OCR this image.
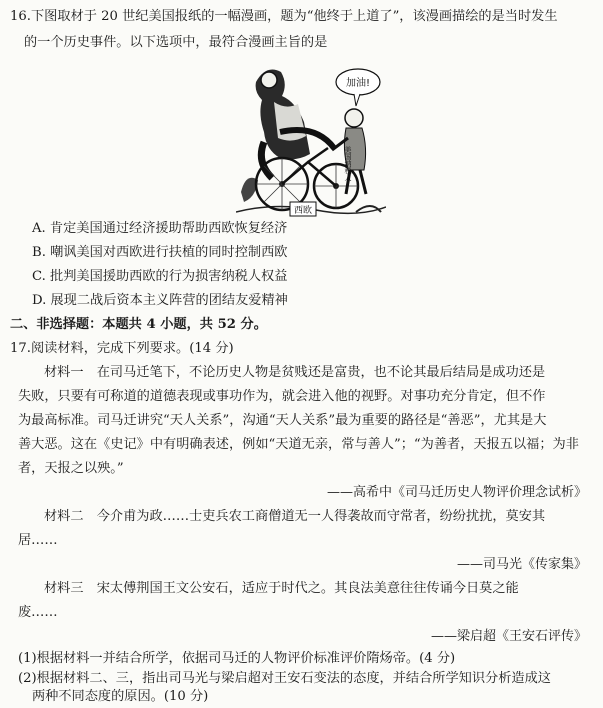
16.下图取材于 20 世纪美国报纸的一幅漫画，题为“他终于上道了”，该漫画描绘的是当时发生
的一个历史事件。以下选项中，最符合漫画主旨的是
加油!
美国纳税人
西欧
A. 肯定美国通过经济援助帮助西欧恢复经济
B. 嘲讽美国对西欧进行扶植的同时控制西欧
C. 批判美国援助西欧的行为损害纳税人权益
D. 展现二战后资本主义阵营的团结友爱精神
二、非选择题：本题共 4 小题，共 52 分。
17.阅读材料，完成下列要求。(14 分)
材料一　在司马迁笔下，不论历史人物是贫贱还是富贵，也不论其最后结局是成功还是
失败，只要有可称道的道德表现或事功作为，就会进入他的视野。对事功充分肯定，但不作
为最高标准。司马迁讲究“天人关系”，沟通“天人关系”最为重要的路径是“善恶”，尤其是大
善大恶。这在《史记》中有明确表述，例如“天道无亲，常与善人”；“为善者，天报五以福；为非
者，天报之以殃。”
——高希中《司马迁历史人物评价理念试析》
材料二　今介甫为政……士吏兵农工商僧道无一人得袭故而守常者，纷纷扰扰，莫安其
居……
——司马光《传家集》
材料三　宋太傅荆国王文公安石，适应于时代之。其良法美意往往传诵今日莫之能
废……
——梁启超《王安石评传》
(1)根据材料一并结合所学，依据司马迁的人物评价标准评价隋炀帝。(4 分)
(2)根据材料二、三，指出司马光与梁启超对王安石变法的态度，并结合所学知识分析造成这
两种不同态度的原因。(10 分)
